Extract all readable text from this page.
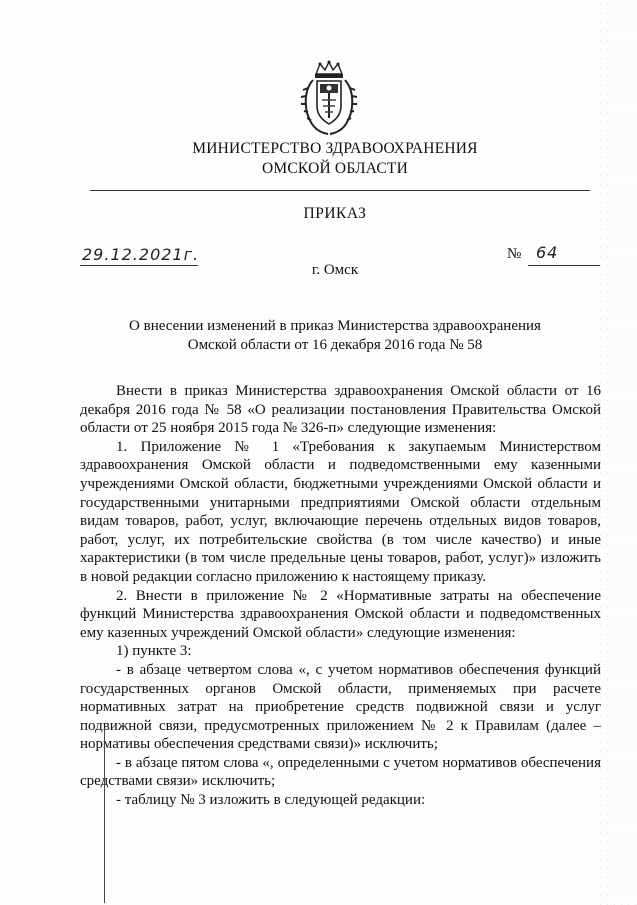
МИНИСТЕРСТВО ЗДРАВООХРАНЕНИЯ
ОМСКОЙ ОБЛАСТИ
ПРИКАЗ
29.12.2021г.	№ 64
г. Омск
О внесении изменений в приказ Министерства здравоохранения
Омской области от 16 декабря 2016 года № 58

Внести в приказ Министерства здравоохранения Омской области от 16 декабря 2016 года № 58 «О реализации постановления Правительства Омской области от 25 ноября 2015 года № 326-п» следующие изменения:

1. Приложение № 1 «Требования к закупаемым Министерством здравоохранения Омской области и подведомственными ему казенными учреждениями Омской области, бюджетными учреждениями Омской области и государственными унитарными предприятиями Омской области отдельным видам товаров, работ, услуг, включающие перечень отдельных видов товаров, работ, услуг, их потребительские свойства (в том числе качество) и иные характеристики (в том числе предельные цены товаров, работ, услуг)» изложить в новой редакции согласно приложению к настоящему приказу.

2. Внести в приложение № 2 «Нормативные затраты на обеспечение функций Министерства здравоохранения Омской области и подведомственных ему казенных учреждений Омской области» следующие изменения:

1) пункте 3:

- в абзаце четвертом слова «, с учетом нормативов обеспечения функций государственных органов Омской области, применяемых при расчете нормативных затрат на приобретение средств подвижной связи и услуг подвижной связи, предусмотренных приложением № 2 к Правилам (далее – нормативы обеспечения средствами связи)» исключить;

- в абзаце пятом слова «, определенными с учетом нормативов обеспечения средствами связи» исключить;

- таблицу № 3 изложить в следующей редакции:
